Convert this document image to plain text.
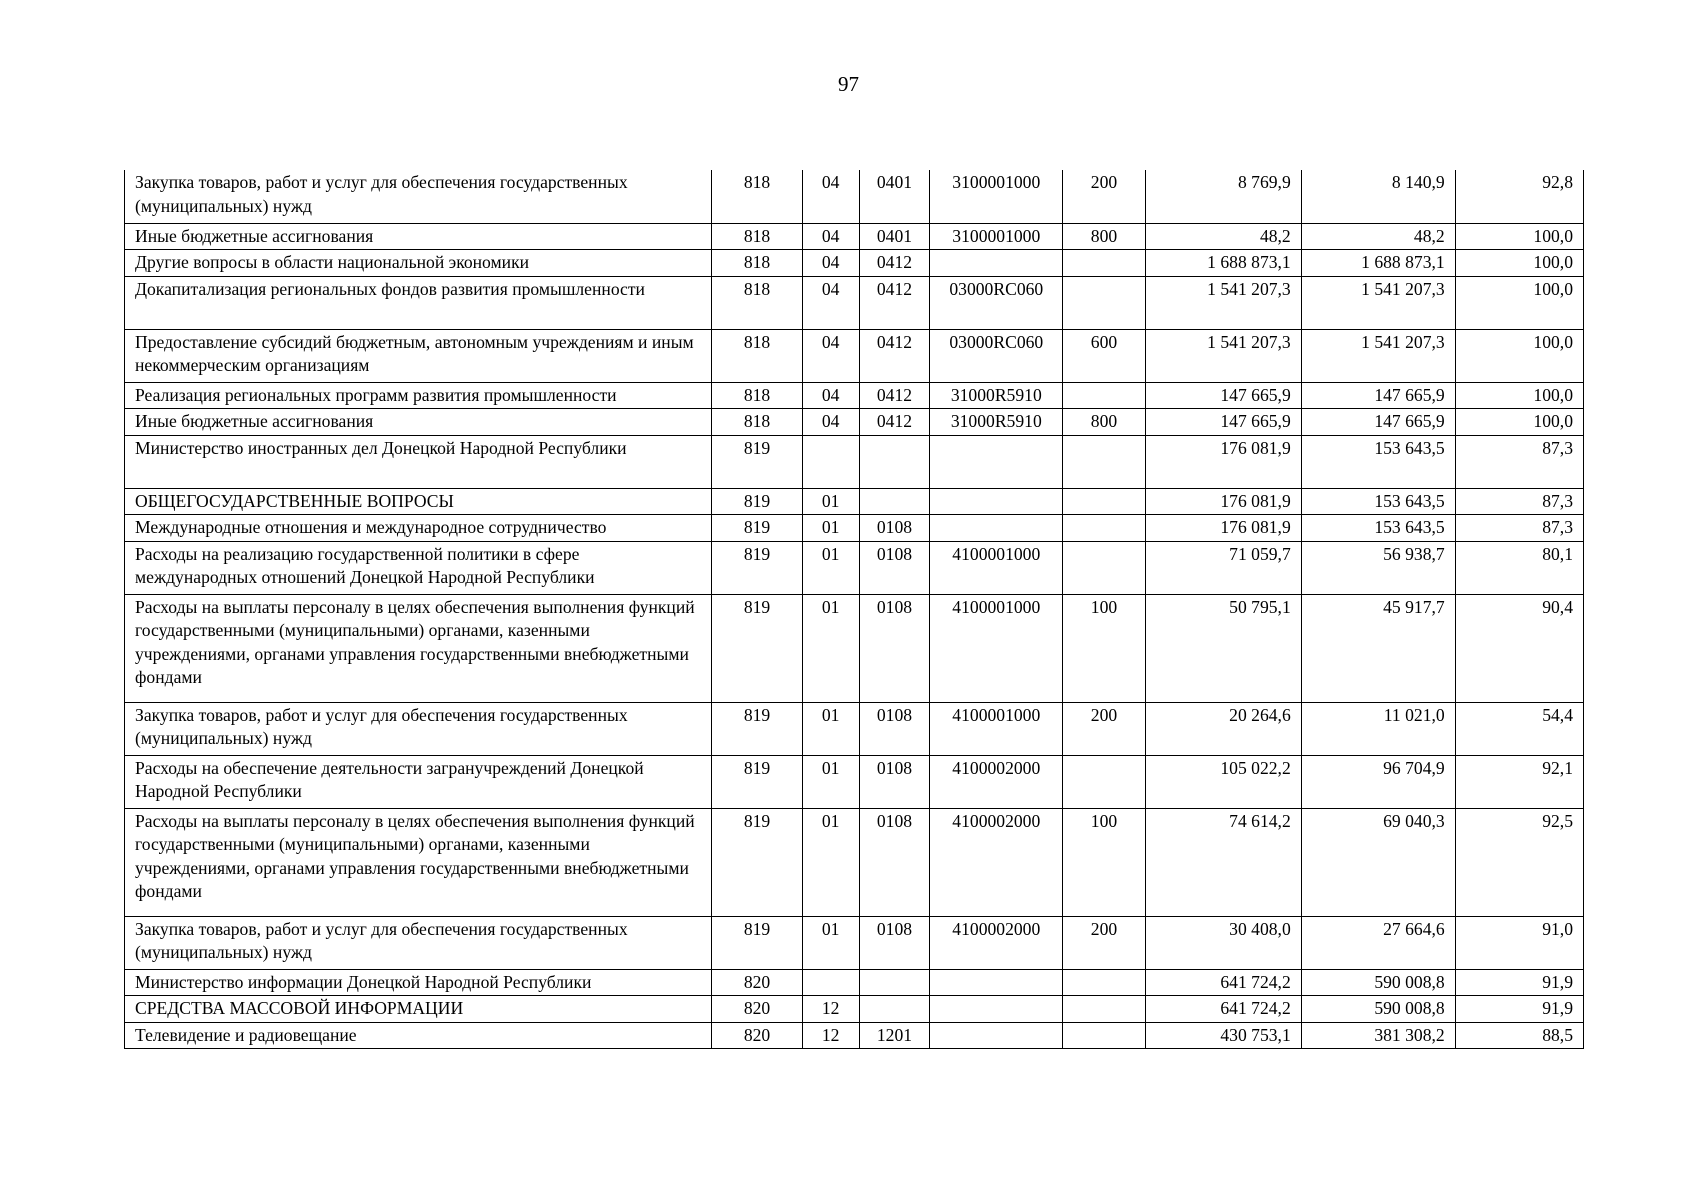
97
Закупка товаров, работ и услуг для обеспечения государственных (муниципальных) нужд	818	04	0401	3100001000	200	8 769,9	8 140,9	92,8
Иные бюджетные ассигнования	818	04	0401	3100001000	800	48,2	48,2	100,0
Другие вопросы в области национальной экономики	818	04	0412			1 688 873,1	1 688 873,1	100,0
Докапитализация региональных фондов развития промышленности	818	04	0412	03000RC060		1 541 207,3	1 541 207,3	100,0
Предоставление субсидий бюджетным, автономным учреждениям и иным некоммерческим организациям	818	04	0412	03000RC060	600	1 541 207,3	1 541 207,3	100,0
Реализация региональных программ развития промышленности	818	04	0412	31000R5910		147 665,9	147 665,9	100,0
Иные бюджетные ассигнования	818	04	0412	31000R5910	800	147 665,9	147 665,9	100,0
Министерство иностранных дел Донецкой Народной Республики	819					176 081,9	153 643,5	87,3
ОБЩЕГОСУДАРСТВЕННЫЕ ВОПРОСЫ	819	01				176 081,9	153 643,5	87,3
Международные отношения и международное сотрудничество	819	01	0108			176 081,9	153 643,5	87,3
Расходы на реализацию государственной политики в сфере международных отношений Донецкой Народной Республики	819	01	0108	4100001000		71 059,7	56 938,7	80,1
Расходы на выплаты персоналу в целях обеспечения выполнения функций государственными (муниципальными) органами, казенными учреждениями, органами управления государственными внебюджетными фондами	819	01	0108	4100001000	100	50 795,1	45 917,7	90,4
Закупка товаров, работ и услуг для обеспечения государственных (муниципальных) нужд	819	01	0108	4100001000	200	20 264,6	11 021,0	54,4
Расходы на обеспечение деятельности загранучреждений Донецкой Народной Республики	819	01	0108	4100002000		105 022,2	96 704,9	92,1
Расходы на выплаты персоналу в целях обеспечения выполнения функций государственными (муниципальными) органами, казенными учреждениями, органами управления государственными внебюджетными фондами	819	01	0108	4100002000	100	74 614,2	69 040,3	92,5
Закупка товаров, работ и услуг для обеспечения государственных (муниципальных) нужд	819	01	0108	4100002000	200	30 408,0	27 664,6	91,0
Министерство информации Донецкой Народной Республики	820					641 724,2	590 008,8	91,9
СРЕДСТВА МАССОВОЙ ИНФОРМАЦИИ	820	12				641 724,2	590 008,8	91,9
Телевидение и радиовещание	820	12	1201			430 753,1	381 308,2	88,5
